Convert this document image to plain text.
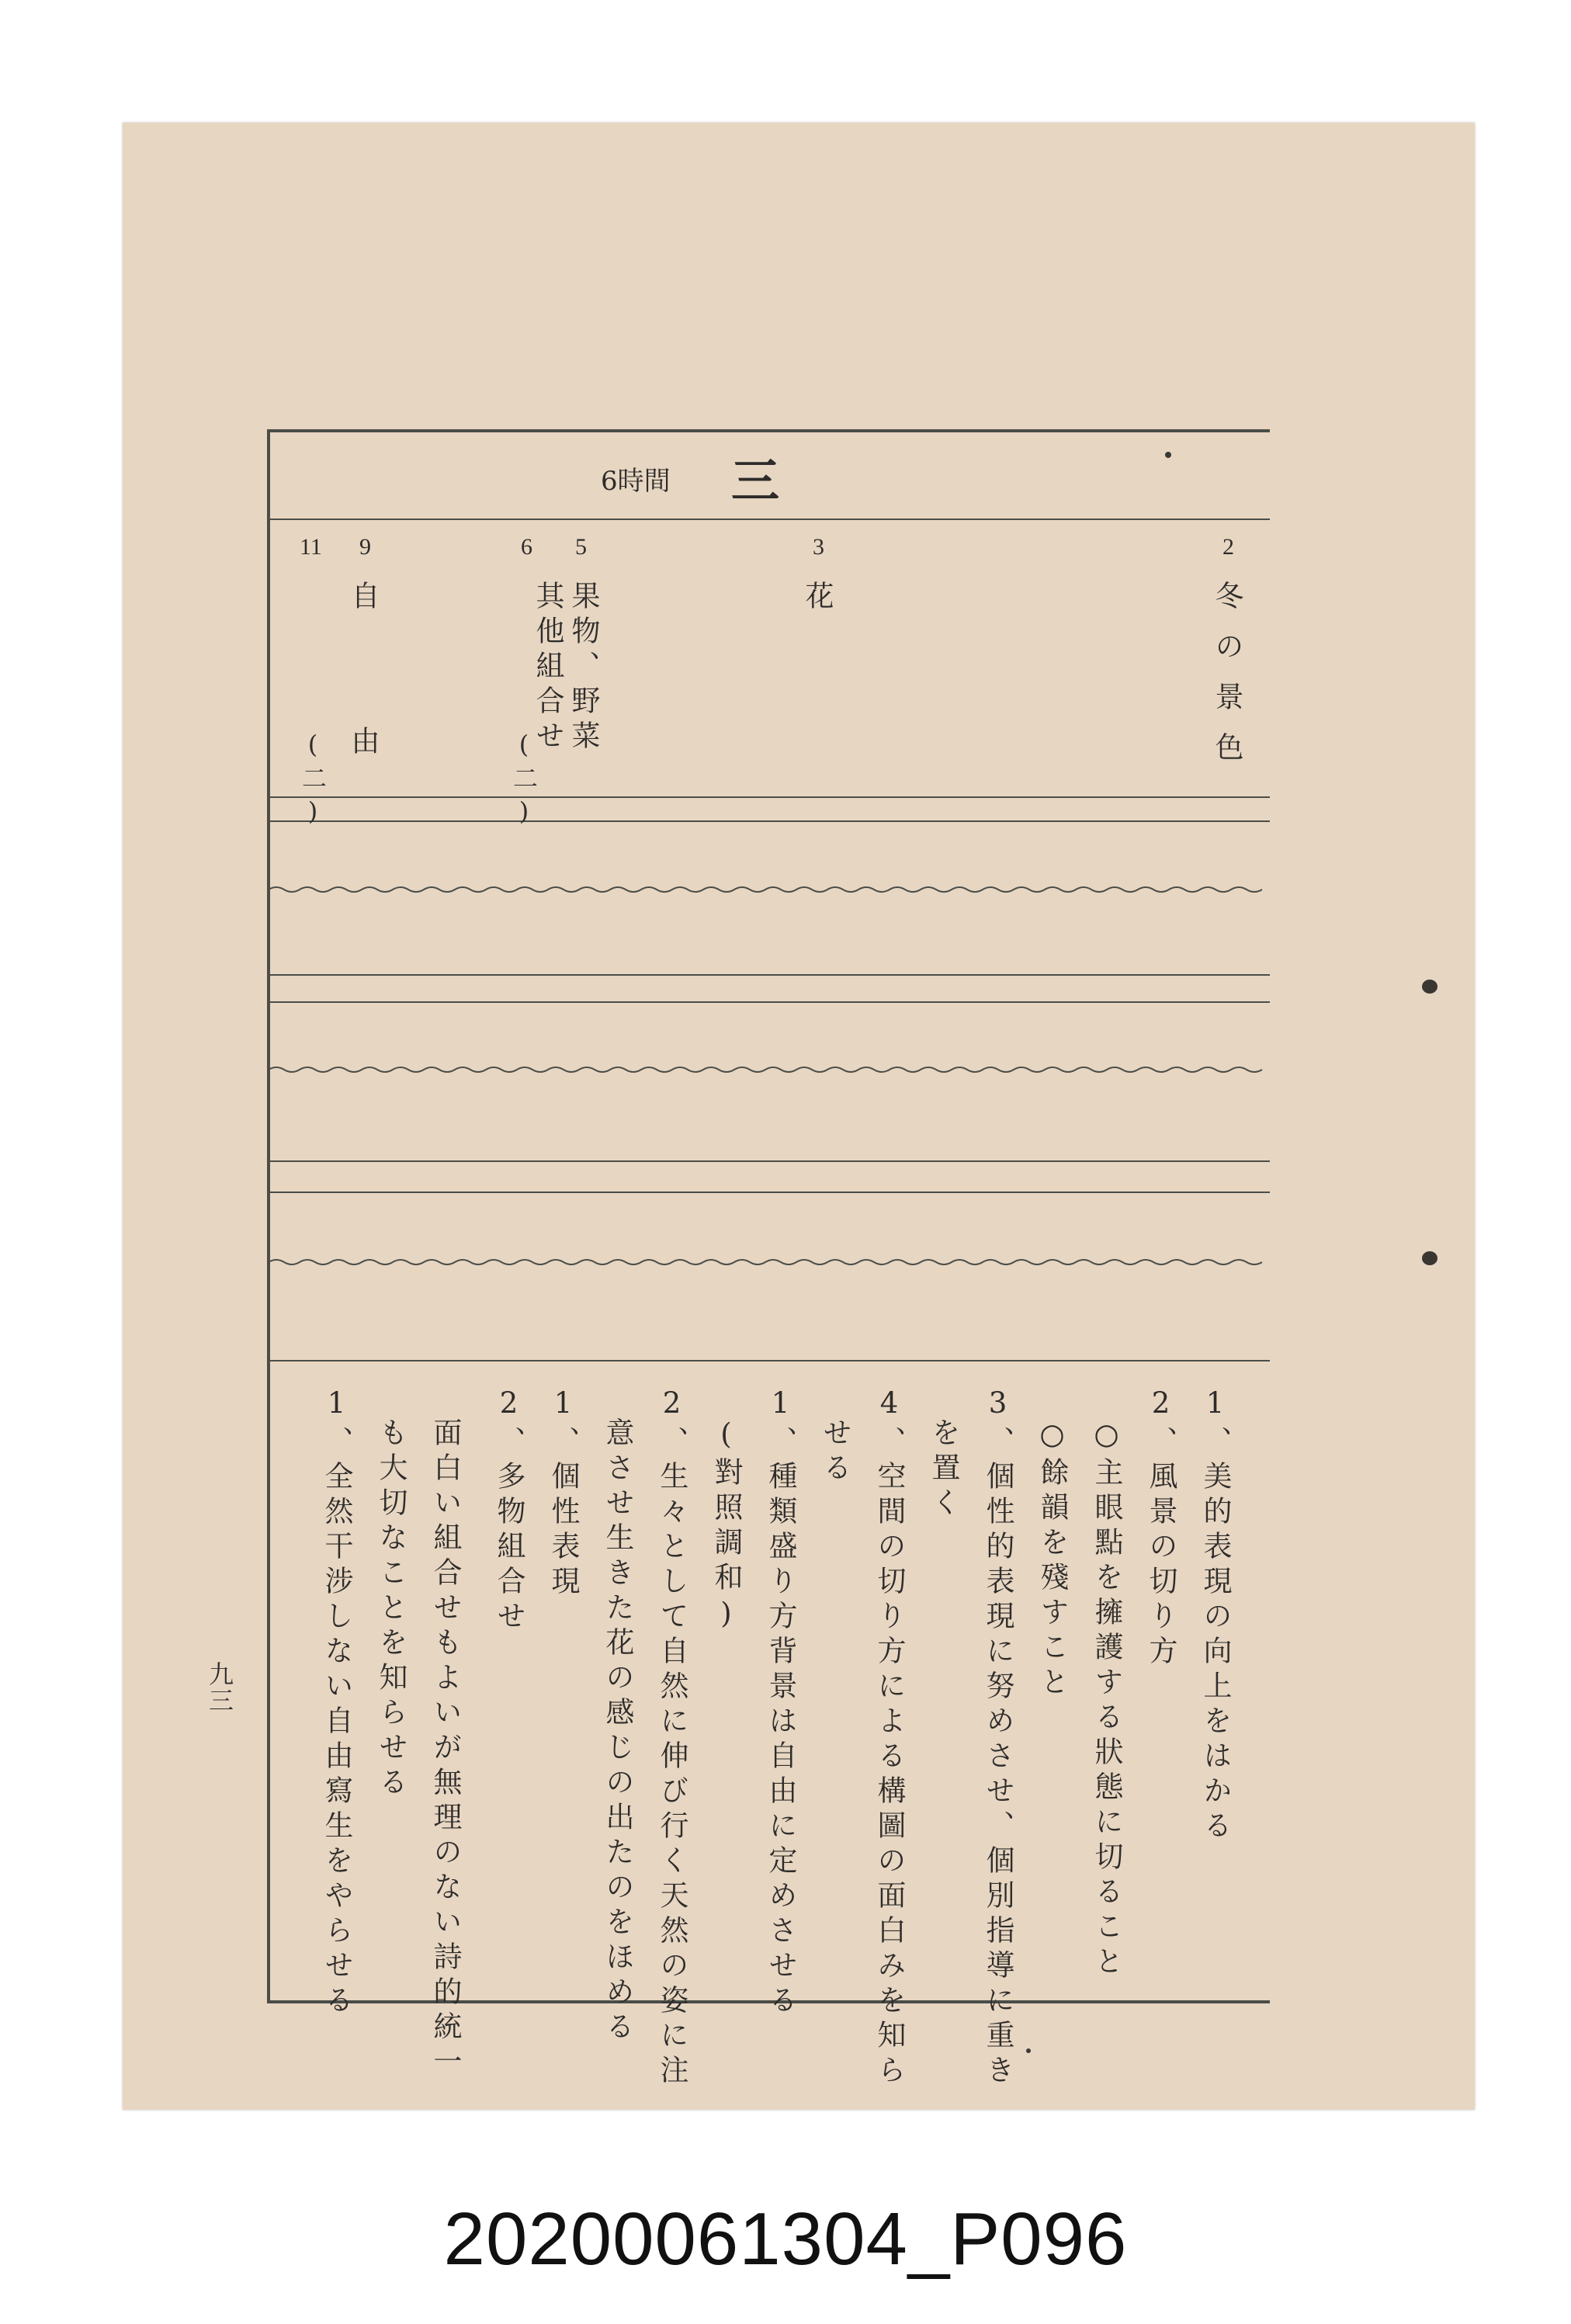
6時間 三
2
3
5
6
9
11
冬の景色
花
果物、野菜
其他組合せ
(二)
自由
(二)
1、美的表現の向上をはかる
2、風景の切り方
○主眼點を擁護する狀態に切ること
○餘韻を殘すこと
3、個性的表現に努めさせ、個別指導に重き
を置く
4、空間の切り方による構圖の面白みを知ら
せる
1、種類盛り方背景は自由に定めさせる
(對照調和)
2、生々として自然に伸び行く天然の姿に注
意させ生きた花の感じの出たのをほめる
1、個性表現
2、多物組合せ
面白い組合せもよいが無理のない詩的統一
も大切なことを知らせる
1、全然干涉しない自由寫生をやらせる
九三
20200061304_P096
